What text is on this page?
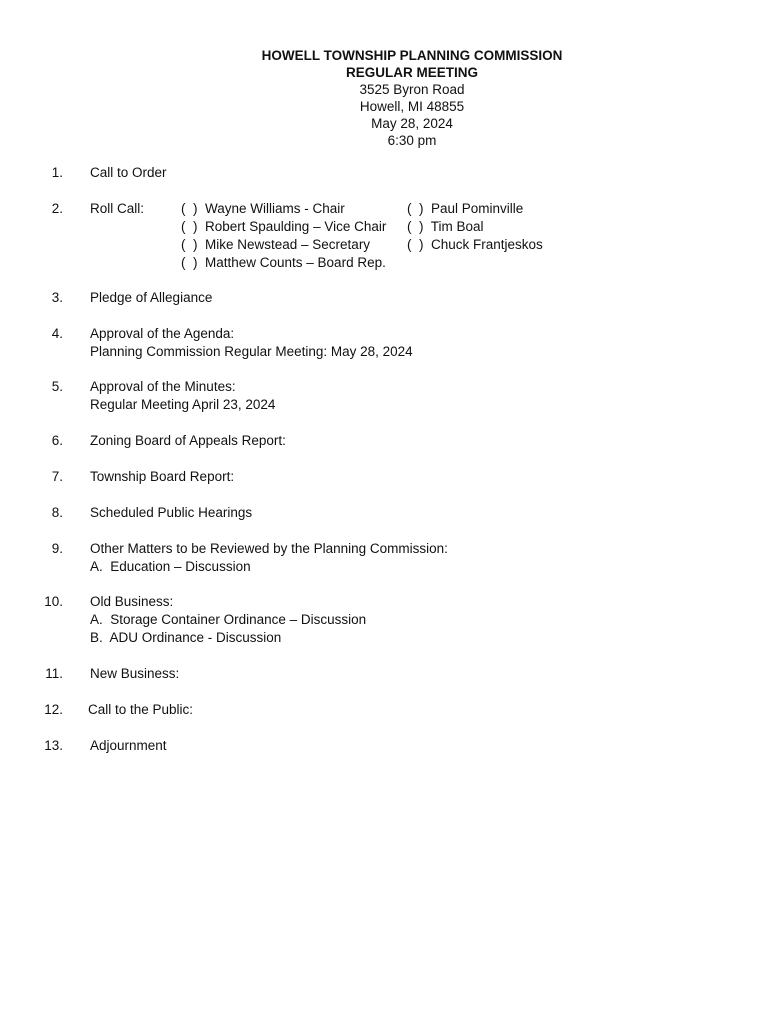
HOWELL TOWNSHIP PLANNING COMMISSION
REGULAR MEETING
3525 Byron Road
Howell, MI 48855
May 28, 2024
6:30 pm
1. Call to Order
2. Roll Call:	(  )  Wayne Williams - Chair
(  )  Robert Spaulding – Vice Chair
(  )  Mike Newstead – Secretary
(  )  Matthew Counts – Board Rep.
(  )  Paul Pominville
(  )  Tim Boal
(  )  Chuck Frantjeskos
3. Pledge of Allegiance
4. Approval of the Agenda:
Planning Commission Regular Meeting: May 28, 2024
5. Approval of the Minutes:
Regular Meeting April 23, 2024
6. Zoning Board of Appeals Report:
7. Township Board Report:
8. Scheduled Public Hearings
9. Other Matters to be Reviewed by the Planning Commission:
A.  Education – Discussion
10. Old Business:
A.  Storage Container Ordinance – Discussion
B.  ADU Ordinance - Discussion
11. New Business:
12. Call to the Public:
13. Adjournment
